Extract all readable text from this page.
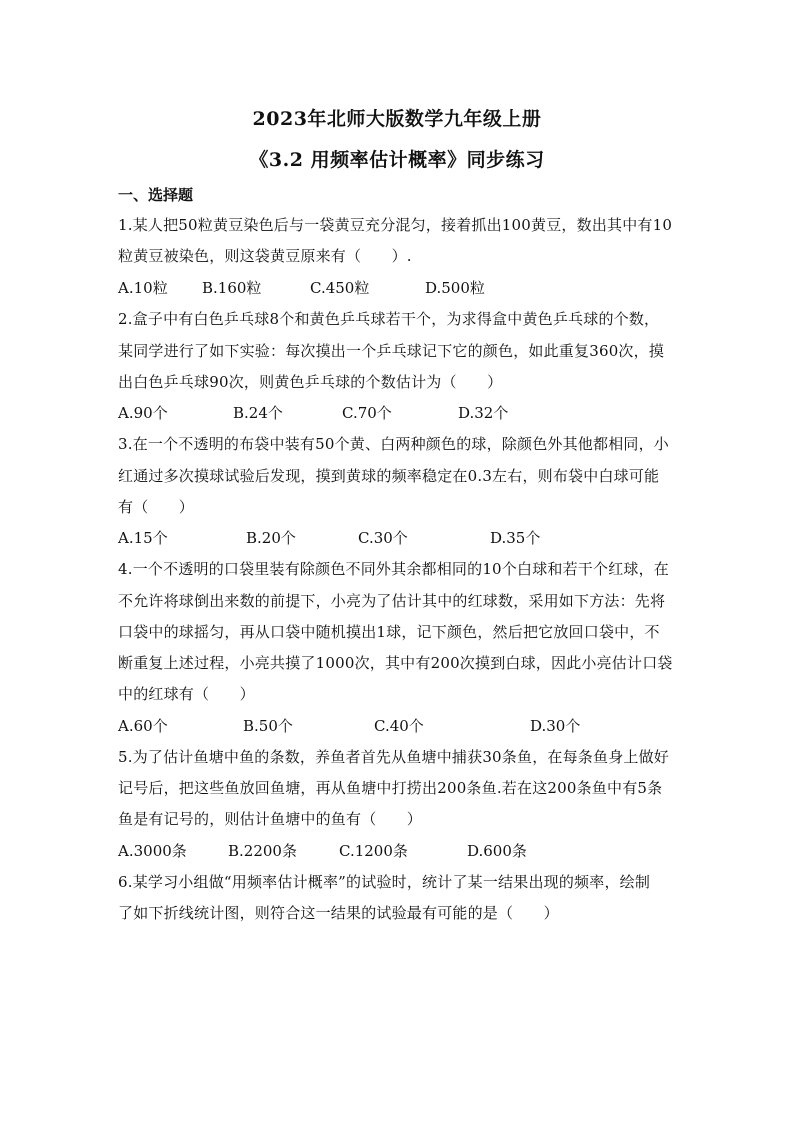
2023年北师大版数学九年级上册
《3.2 用频率估计概率》同步练习
一、选择题
1.某人把50粒黄豆染色后与一袋黄豆充分混匀，接着抓出100黄豆，数出其中有10
粒黄豆被染色，则这袋黄豆原来有（　　）.
A.10粒 B.160粒	C.450粒	D.500粒
2.盒子中有白色乒乓球8个和黄色乒乓球若干个，为求得盒中黄色乒乓球的个数，
某同学进行了如下实验：每次摸出一个乒乓球记下它的颜色，如此重复360次，摸
出白色乒乓球90次，则黄色乒乓球的个数估计为（　　）
A.90个	B.24个	C.70个	D.32个
3.在一个不透明的布袋中装有50个黄、白两种颜色的球，除颜色外其他都相同，小
红通过多次摸球试验后发现，摸到黄球的频率稳定在0.3左右，则布袋中白球可能
有（　　）
A.15个	B.20个	C.30个	D.35个
4.一个不透明的口袋里装有除颜色不同外其余都相同的10个白球和若干个红球，在
不允许将球倒出来数的前提下，小亮为了估计其中的红球数，采用如下方法：先将
口袋中的球摇匀，再从口袋中随机摸出1球，记下颜色，然后把它放回口袋中，不
断重复上述过程，小亮共摸了1000次，其中有200次摸到白球，因此小亮估计口袋
中的红球有（　　）
A.60个	B.50个	C.40个	D.30个
5.为了估计鱼塘中鱼的条数，养鱼者首先从鱼塘中捕获30条鱼，在每条鱼身上做好
记号后，把这些鱼放回鱼塘，再从鱼塘中打捞出200条鱼.若在这200条鱼中有5条
鱼是有记号的，则估计鱼塘中的鱼有（　　）
A.3000条	B.2200条	C.1200条	D.600条
6.某学习小组做“用频率估计概率”的试验时，统计了某一结果出现的频率，绘制
了如下折线统计图，则符合这一结果的试验最有可能的是（　　）
